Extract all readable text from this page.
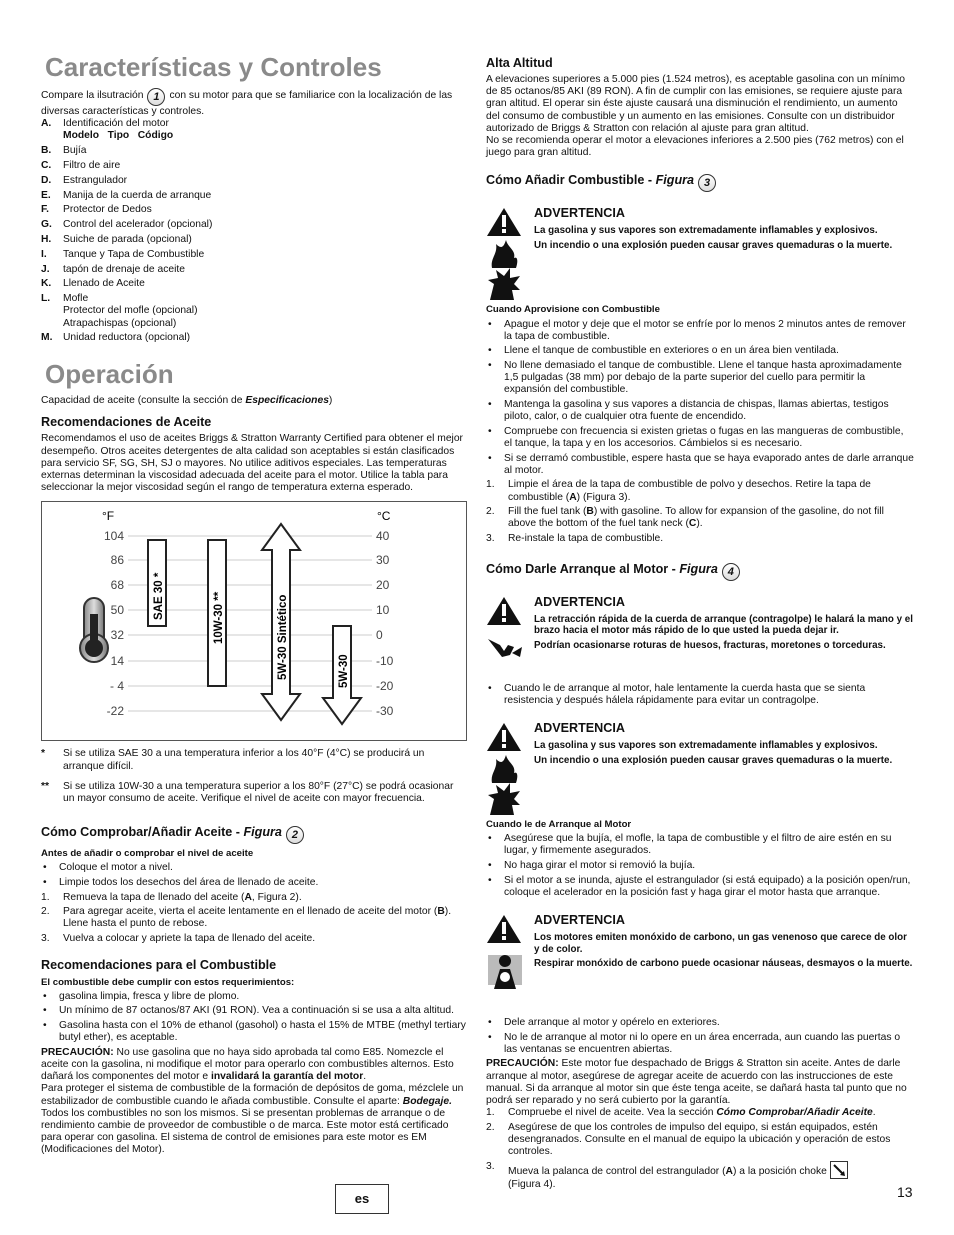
Características y Controles

Compare la ilsutración 1 con su motor para que se familiarice con la localización de las diversas características y controles.

A. Identificación del motor
Modelo   Tipo   Código
B. Bujía
C. Filtro de aire
D. Estrangulador
E. Manija de la cuerda de arranque
F. Protector de Dedos
G. Control del acelerador (opcional)
H. Suiche de parada (opcional)
I. Tanque y Tapa de Combustible
J. tapón de drenaje de aceite
K. Llenado de Aceite
L. Mofle
Protector del mofle (opcional)
Atrapachispas (opcional)
M. Unidad reductora (opcional)
Operación

Capacidad de aceite (consulte la sección de Especificaciones)

Recomendaciones de Aceite

Recomendamos el uso de aceites Briggs & Stratton Warranty Certified para obtener el mejor desempeño. Otros aceites detergentes de alta calidad son aceptables si están clasificados para servicio SF, SG, SH, SJ o mayores. No utilice aditivos especiales. Las temperaturas externas determinan la viscosidad adecuada del aceite para el motor. Utilice la tabla para seleccionar la mejor viscosidad según el rango de temperatura externa esperado.

°F	°C
104
86
68
50
32
14
- 4
-22
40
30
20
10
0
-10
-20
-30
SAE 30 *	10W-30 **	5W-30 Sintético	5W-30
* Si se utiliza SAE 30 a una temperatura inferior a los 40°F (4°C) se producirá un arranque difícil.
** Si se utiliza 10W-30 a una temperatura superior a los 80°F (27°C) se podrá ocasionar un mayor consumo de aceite. Verifique el nivel de aceite con mayor frecuencia.
Cómo Comprobar/Añadir Aceite - Figura 2

Antes de añadir o comprobar el nivel de aceite

• Coloque el motor a nivel.
• Limpie todos los desechos del área de llenado de aceite.
1. Remueva la tapa de llenado del aceite (A, Figura 2).
2. Para agregar aceite, vierta el aceite lentamente en el llenado de aceite del motor (B). Llene hasta el punto de rebose.
3. Vuelva a colocar y apriete la tapa de llenado del aceite.
Recomendaciones para el Combustible

El combustible debe cumplir con estos requerimientos:

• gasolina limpia, fresca y libre de plomo.
• Un mínimo de 87 octanos/87 AKI (91 RON). Vea a continuación si se usa a alta altitud.
• Gasolina hasta con el 10% de ethanol (gasohol) o hasta el 15% de MTBE (methyl tertiary butyl ether), es aceptable.

PRECAUCIÓN: No use gasolina que no haya sido aprobada tal como E85. Nomezcle el aceite con la gasolina, ni modifique el motor para operarlo con combustibles alternos. Esto dañará los componentes del motor e invalidará la garantía del motor.

Para proteger el sistema de combustible de la formación de depósitos de goma, mézclele un estabilizador de combustible cuando le añada combustible. Consulte el aparte: Bodegaje. Todos los combustibles no son los mismos. Si se presentan problemas de arranque o de rendimiento cambie de proveedor de combustible o de marca. Este motor está certificado para operar con gasolina. El sistema de control de emisiones para este motor es EM (Modificaciones del Motor).

Alta Altitud

A elevaciones superiores a 5.000 pies (1.524 metros), es aceptable gasolina con un mínimo de 85 octanos/85 AKI (89 RON). A fin de cumplir con las emisiones, se requiere ajuste para gran altitud. El operar sin éste ajuste causará una disminución el rendimiento, un aumento del consumo de combustible y un aumento en las emisiones. Consulte con un distribuidor autorizado de Briggs & Stratton con relación al ajuste para gran altitud.

No se recomienda operar el motor a elevaciones inferiores a 2.500 pies (762 metros) con el juego para gran altitud.

Cómo Añadir Combustible - Figura 3
ADVERTENCIA

La gasolina y sus vapores son extremadamente inflamables y explosivos.

Un incendio o una explosión pueden causar graves quemaduras o la muerte.

Cuando Aprovisione con Combustible

• Apague el motor y deje que el motor se enfríe por lo menos 2 minutos antes de remover la tapa de combustible.
• Llene el tanque de combustible en exteriores o en un área bien ventilada.
• No llene demasiado el tanque de combustible. Llene el tanque hasta aproximadamente 1,5 pulgadas (38 mm) por debajo de la parte superior del cuello para permitir la expansión del combustible.
• Mantenga la gasolina y sus vapores a distancia de chispas, llamas abiertas, testigos piloto, calor, o de cualquier otra fuente de encendido.
• Compruebe con frecuencia si existen grietas o fugas en las mangueras de combustible, el tanque, la tapa y en los accesorios. Cámbielos si es necesario.
• Si se derramó combustible, espere hasta que se haya evaporado antes de darle arranque al motor.
1. Limpie el área de la tapa de combustible de polvo y desechos. Retire la tapa de combustible (A) (Figura 3).
2. Fill the fuel tank (B) with gasoline. To allow for expansion of the gasoline, do not fill above the bottom of the fuel tank neck (C).
3. Re-instale la tapa de combustible.
Cómo Darle Arranque al Motor - Figura 4
ADVERTENCIA

La retracción rápida de la cuerda de arranque (contragolpe) le halará la mano y el brazo hacia el motor más rápido de lo que usted la pueda dejar ir.

Podrían ocasionarse roturas de huesos, fracturas, moretones o torceduras.

• Cuando le de arranque al motor, hale lentamente la cuerda hasta que se sienta resistencia y después hálela rápidamente para evitar un contragolpe.
ADVERTENCIA

La gasolina y sus vapores son extremadamente inflamables y explosivos.

Un incendio o una explosión pueden causar graves quemaduras o la muerte.

Cuando le de Arranque al Motor

• Asegúrese que la bujía, el mofle, la tapa de combustible y el filtro de aire estén en su lugar, y firmemente asegurados.
• No haga girar el motor si removió la bujía.
• Si el motor a se inunda, ajuste el estrangulador (si está equipado) a la posición open/run, coloque el acelerador en la posición fast y haga girar el motor hasta que arranque.
ADVERTENCIA

Los motores emiten monóxido de carbono, un gas venenoso que carece de olor y de color.

Respirar monóxido de carbono puede ocasionar náuseas, desmayos o la muerte.

• Dele arranque al motor y opérelo en exteriores.
• No le de arranque al motor ni lo opere en un área encerrada, aun cuando las puertas o las ventanas se encuentren abiertas.

PRECAUCIÓN: Este motor fue despachado de Briggs & Stratton sin aceite. Antes de darle arranque al motor, asegúrese de agregar aceite de acuerdo con las instrucciones de este manual. Si da arranque al motor sin que éste tenga aceite, se dañará hasta tal punto que no podrá ser reparado y no será cubierto por la garantía.

1. Compruebe el nivel de aceite. Vea la sección Cómo Comprobar/Añadir Aceite.
2. Asegúrese de que los controles de impulso del equipo, si están equipados, estén desengranados. Consulte en el manual de equipo la ubicación y operación de estos controles.
3. Mueva la palanca de control del estrangulador (A) a la posición choke
(Figura 4).
es	13
